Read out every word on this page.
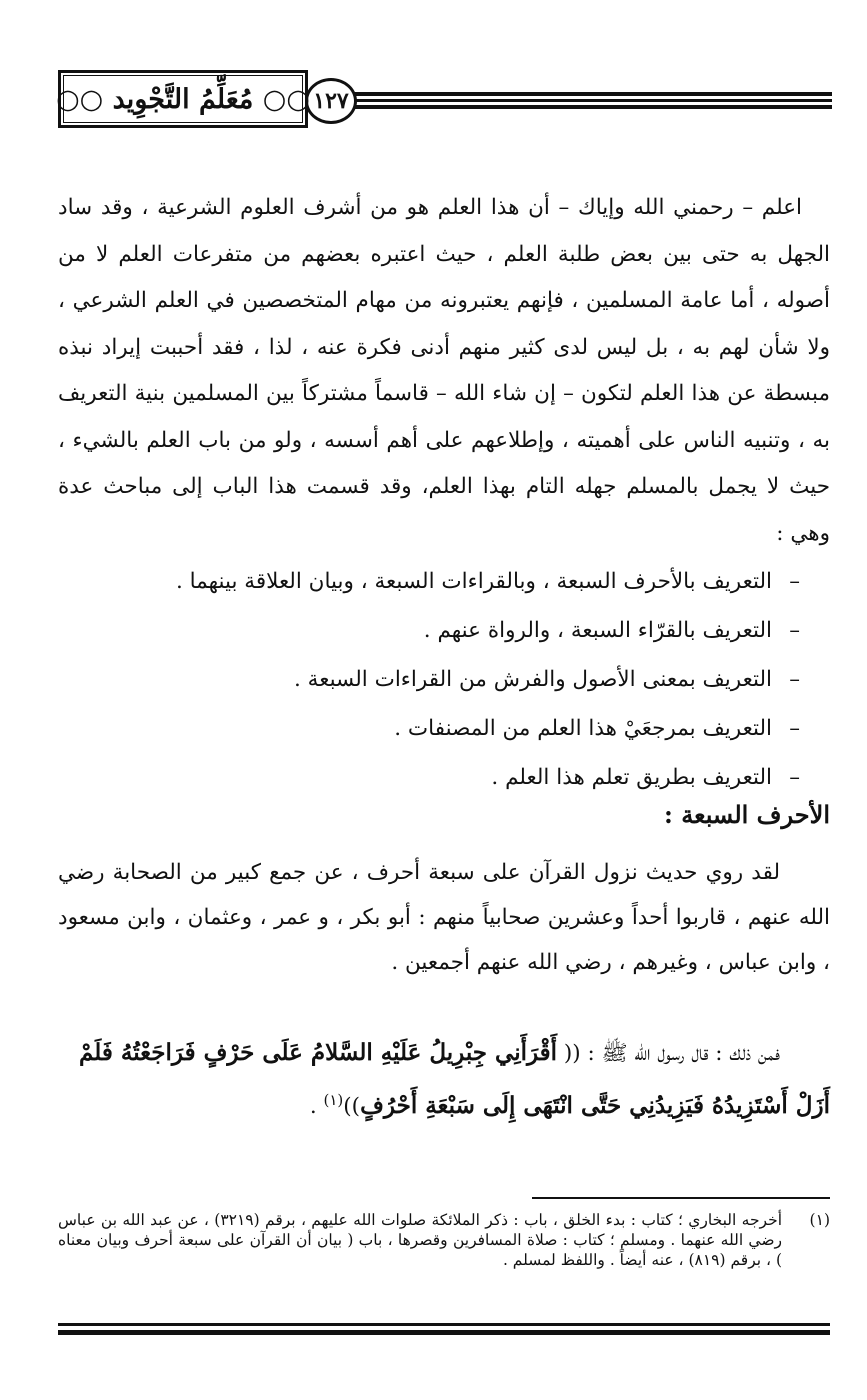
١٢٧
○○ مُعَلِّمُ التَّجْوِيد ○○

اعلم – رحمني الله وإياك – أن هذا العلم هو من أشرف العلوم الشرعية ، وقد ساد الجهل به حتى بين بعض طلبة العلم ، حيث اعتبره بعضهم من متفرعات العلم لا من أصوله ، أما عامة المسلمين ، فإنهم يعتبرونه من مهام المتخصصين في العلم الشرعي ، ولا شأن لهم به ، بل ليس لدى كثير منهم أدنى فكرة عنه ، لذا ، فقد أحببت إيراد نبذه مبسطة عن هذا العلم لتكون – إن شاء الله – قاسماً مشتركاً بين المسلمين بنية التعريف به ، وتنبيه الناس على أهميته ، وإطلاعهم على أهم أسسه ، ولو من باب العلم بالشيء ، حيث لا يجمل بالمسلم جهله التام بهذا العلم، وقد قسمت هذا الباب إلى مباحث عدة وهي :

–التعريف بالأحرف السبعة ، وبالقراءات السبعة ، وبيان العلاقة بينهما .
–التعريف بالقرّاء السبعة ، والرواة عنهم .
–التعريف بمعنى الأصول والفرش من القراءات السبعة .
–التعريف بمرجعَيْ هذا العلم من المصنفات .
–التعريف بطريق تعلم هذا العلم .
الأحرف السبعة :

لقد روي حديث نزول القرآن على سبعة أحرف ، عن جمع كبير من الصحابة رضي الله عنهم ، قاربوا أحداً وعشرين صحابياً منهم : أبو بكر ، و عمر ، وعثمان ، وابن مسعود ، وابن عباس ، وغيرهم ، رضي الله عنهم أجمعين .

فمن ذلك : قال رسول الله ﷺ : (( أَقْرَأَنِي جِبْرِيلُ عَلَيْهِ السَّلامُ عَلَى حَرْفٍ فَرَاجَعْتُهُ فَلَمْ أَزَلْ أَسْتَزِيدُهُ فَيَزِيدُنِي حَتَّى انْتَهَى إِلَى سَبْعَةِ أَحْرُفٍ))$^{(١)}$ .

(١)
أخرجه البخاري ؛ كتاب : بدء الخلق ، باب : ذكر الملائكة صلوات الله عليهم ، برقم (٣٢١٩) ، عن عبد الله بن عباس رضي الله عنهما . ومسلم ؛ كتاب : صلاة المسافرين وقصرها ، باب ( بيان أن القرآن على سبعة أحرف وبيان معناه ) ، برقم (٨١٩) ، عنه أيضاً . واللفظ لمسلم .
